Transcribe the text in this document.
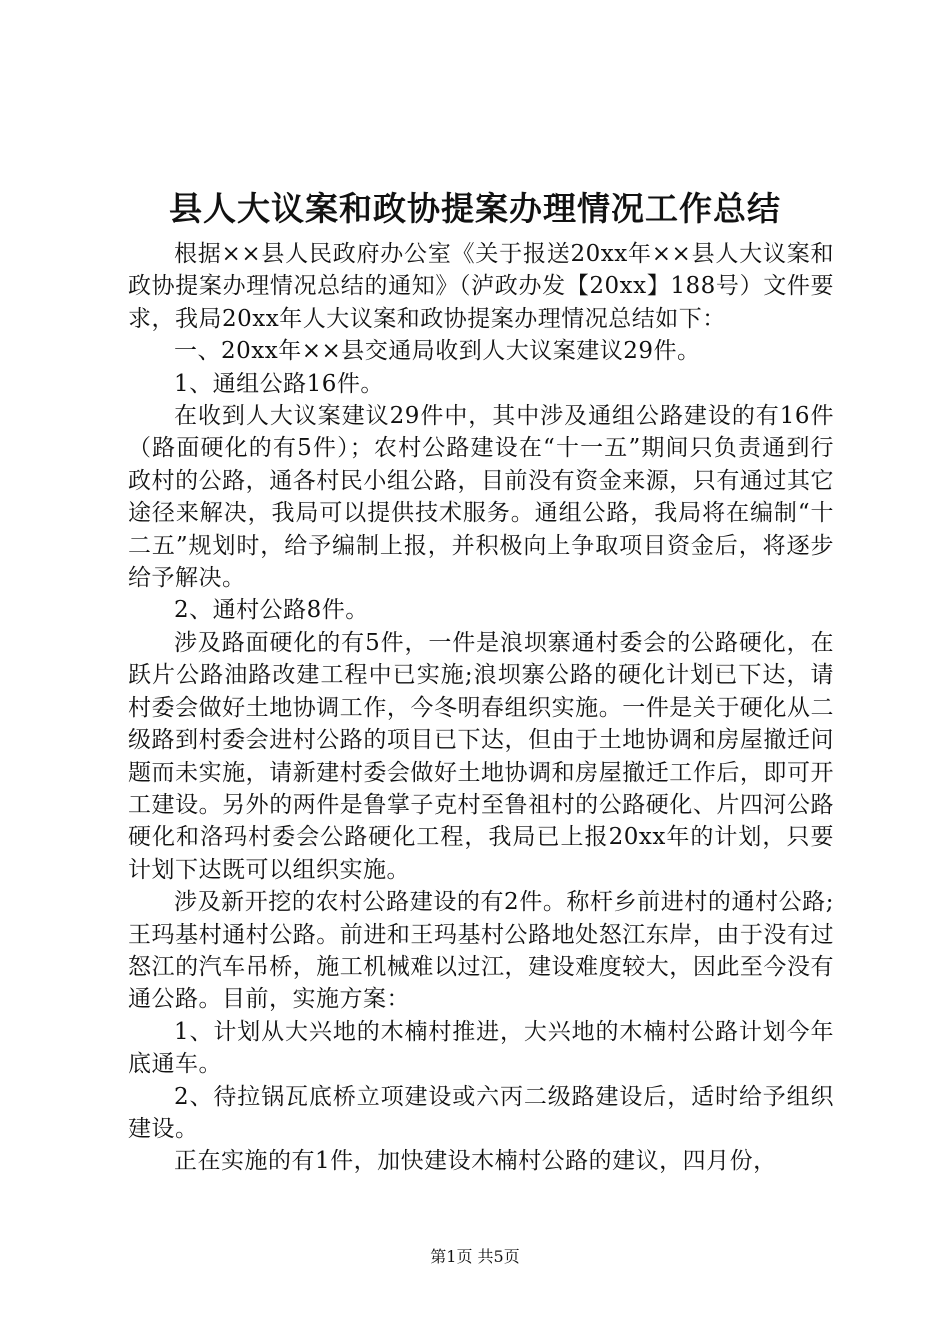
县人大议案和政协提案办理情况工作总结

根据××县人民政府办公室《关于报送20xx年××县人大议案和政协提案办理情况总结的通知》（泸政办发【20xx】188号）文件要求，我局20xx年人大议案和政协提案办理情况总结如下：

一、20xx年××县交通局收到人大议案建议29件。

1、通组公路16件。

在收到人大议案建议29件中，其中涉及通组公路建设的有16件（路面硬化的有5件）；农村公路建设在“十一五”期间只负责通到行政村的公路，通各村民小组公路，目前没有资金来源，只有通过其它途径来解决，我局可以提供技术服务。通组公路，我局将在编制“十二五”规划时，给予编制上报，并积极向上争取项目资金后，将逐步给予解决。

2、通村公路8件。

涉及路面硬化的有5件，一件是浪坝寨通村委会的公路硬化，在跃片公路油路改建工程中已实施;浪坝寨公路的硬化计划已下达，请村委会做好土地协调工作，今冬明春组织实施。一件是关于硬化从二级路到村委会进村公路的项目已下达，但由于土地协调和房屋撤迁问题而未实施，请新建村委会做好土地协调和房屋撤迁工作后，即可开工建设。另外的两件是鲁掌子克村至鲁祖村的公路硬化、片四河公路硬化和洛玛村委会公路硬化工程，我局已上报20xx年的计划，只要计划下达既可以组织实施。

涉及新开挖的农村公路建设的有2件。称杆乡前进村的通村公路;王玛基村通村公路。前进和王玛基村公路地处怒江东岸，由于没有过怒江的汽车吊桥，施工机械难以过江，建设难度较大，因此至今没有通公路。目前，实施方案：

1、计划从大兴地的木楠村推进，大兴地的木楠村公路计划今年底通车。

2、待拉锅瓦底桥立项建设或六丙二级路建设后，适时给予组织建设。

正在实施的有1件，加快建设木楠村公路的建议，四月份，

第1页 共5页
